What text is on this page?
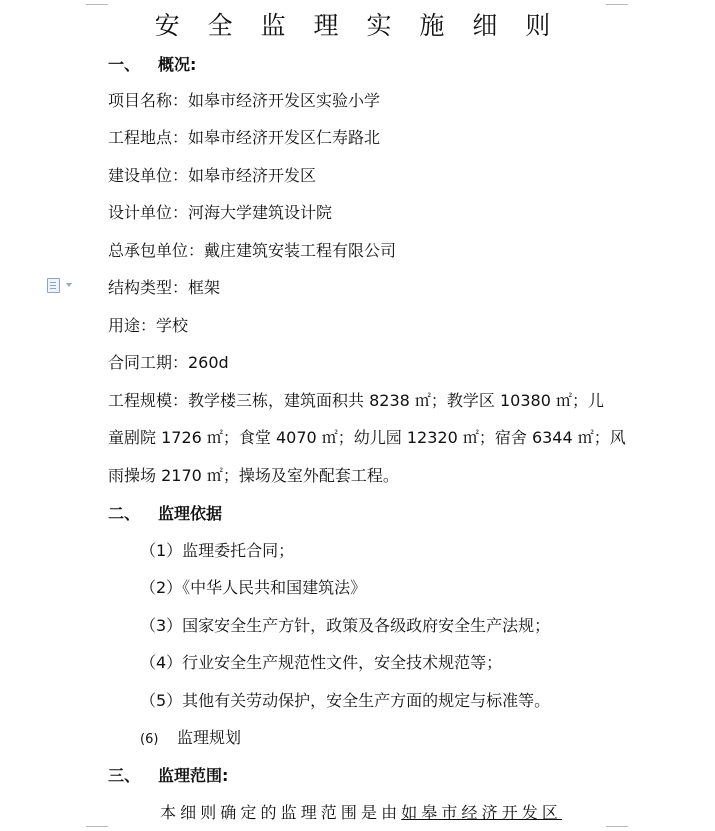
安 全 监 理 实 施 细 则
一、 概况:
项目名称：如皋市经济开发区实验小学
工程地点：如皋市经济开发区仁寿路北
建设单位：如皋市经济开发区
设计单位：河海大学建筑设计院
总承包单位：戴庄建筑安装工程有限公司
结构类型：框架
用途：学校
合同工期：260d
工程规模：教学楼三栋，建筑面积共 8238 ㎡；教学区 10380 ㎡；儿
童剧院 1726 ㎡；食堂 4070 ㎡；幼儿园 12320 ㎡；宿舍 6344 ㎡；风
雨操场 2170 ㎡；操场及室外配套工程。
二、 监理依据
（1）监理委托合同；
（2）《中华人民共和国建筑法》
（3）国家安全生产方针，政策及各级政府安全生产法规；
（4）行业安全生产规范性文件，安全技术规范等；
（5）其他有关劳动保护，安全生产方面的规定与标准等。
(6) 监理规划
三、 监理范围:
本细则确定的监理范围是由如皋市经济开发区
